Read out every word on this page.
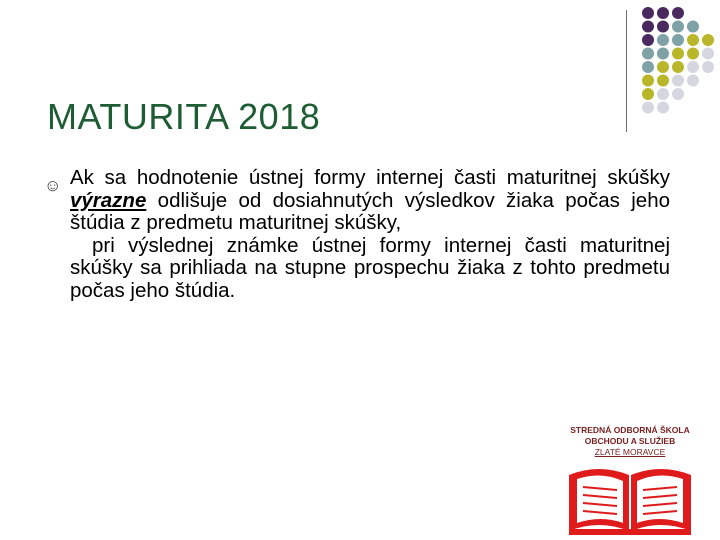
MATURITA 2018
☺ Ak sa hodnotenie ústnej formy internej časti maturitnej skúšky výrazne odlišuje od dosiahnutých výsledkov žiaka počas jeho štúdia z predmetu maturitnej skúšky,

pri výslednej známke ústnej formy internej časti maturitnej skúšky sa prihliada na stupne prospechu žiaka z tohto predmetu počas jeho štúdia.

STREDNÁ ODBORNÁ ŠKOLA
OBCHODU A SLUŽIEB
ZLATÉ MORAVCE
